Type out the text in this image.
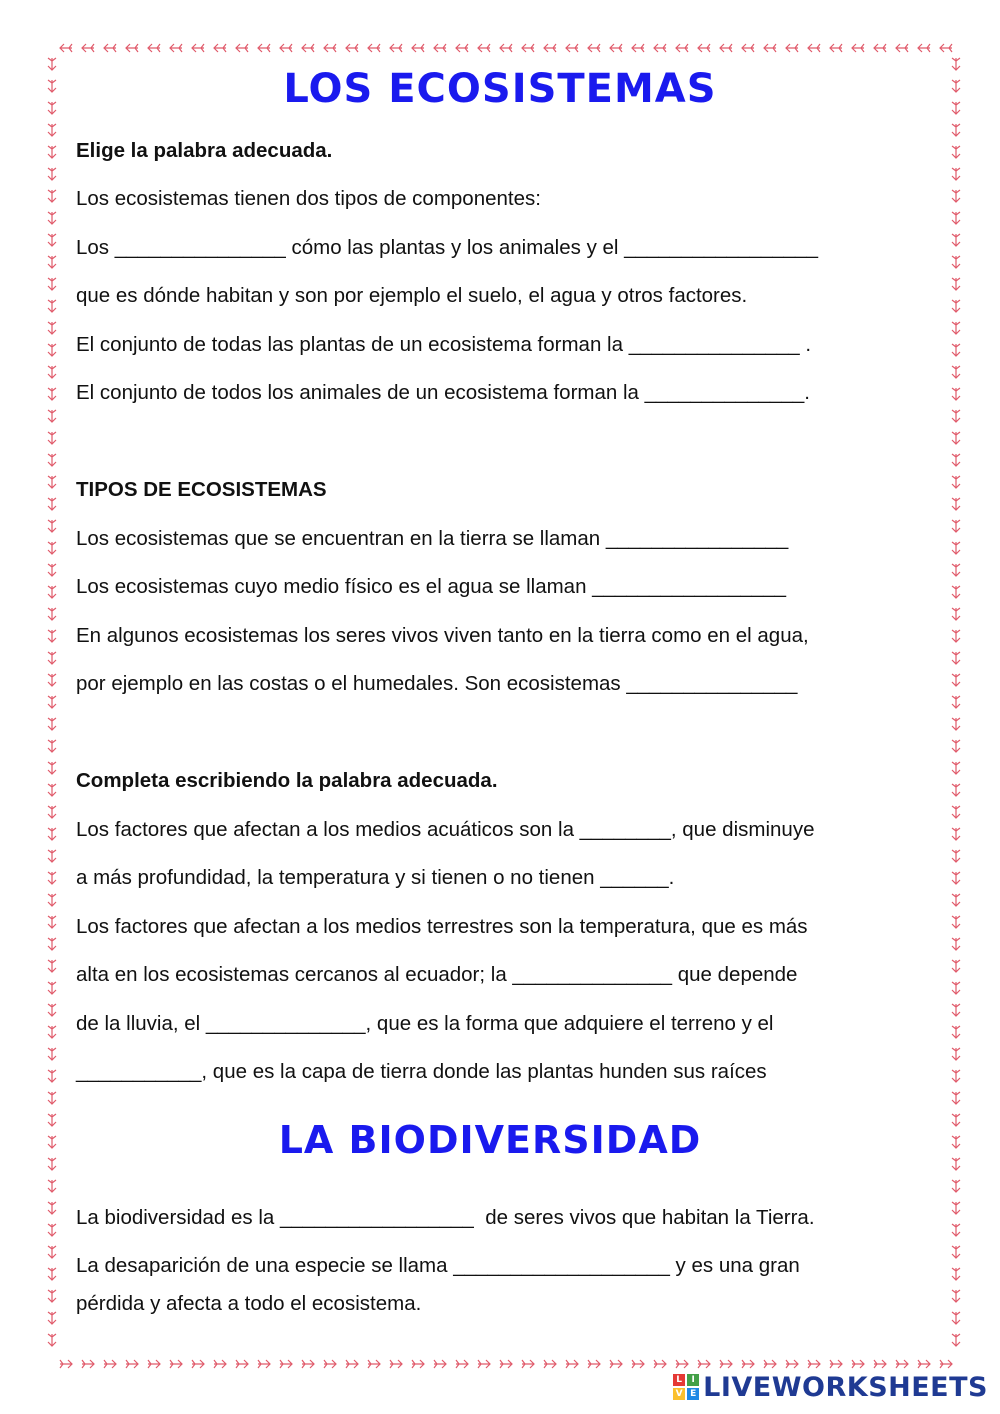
LOS ECOSISTEMAS

Elige la palabra adecuada.

Los ecosistemas tienen dos tipos de componentes:

Los _______________ cómo las plantas y los animales y el _________________

que es dónde habitan y son por ejemplo el suelo, el agua y otros factores.

El conjunto de todas las plantas de un ecosistema forman la _______________ .

El conjunto de todos los animales de un ecosistema forman la ______________.

TIPOS DE ECOSISTEMAS

Los ecosistemas que se encuentran en la tierra se llaman ________________

Los ecosistemas cuyo medio físico es el agua se llaman _________________

En algunos ecosistemas los seres vivos viven tanto en la tierra como en el agua,

por ejemplo en las costas o el humedales. Son ecosistemas _______________

Completa escribiendo la palabra adecuada.

Los factores que afectan a los medios acuáticos son la ________, que disminuye

a más profundidad, la temperatura y si tienen o no tienen ______.

Los factores que afectan a los medios terrestres son la temperatura, que es más

alta en los ecosistemas cercanos al ecuador; la ______________ que depende

de la lluvia, el ______________, que es la forma que adquiere el terreno y el

___________, que es la capa de tierra donde las plantas hunden sus raíces

LA BIODIVERSIDAD

La biodiversidad es la _________________  de seres vivos que habitan la Tierra.

La desaparición de una especie se llama ___________________ y es una gran

pérdida y afecta a todo el ecosistema.

L	I
V E LIVEWORKSHEETS
